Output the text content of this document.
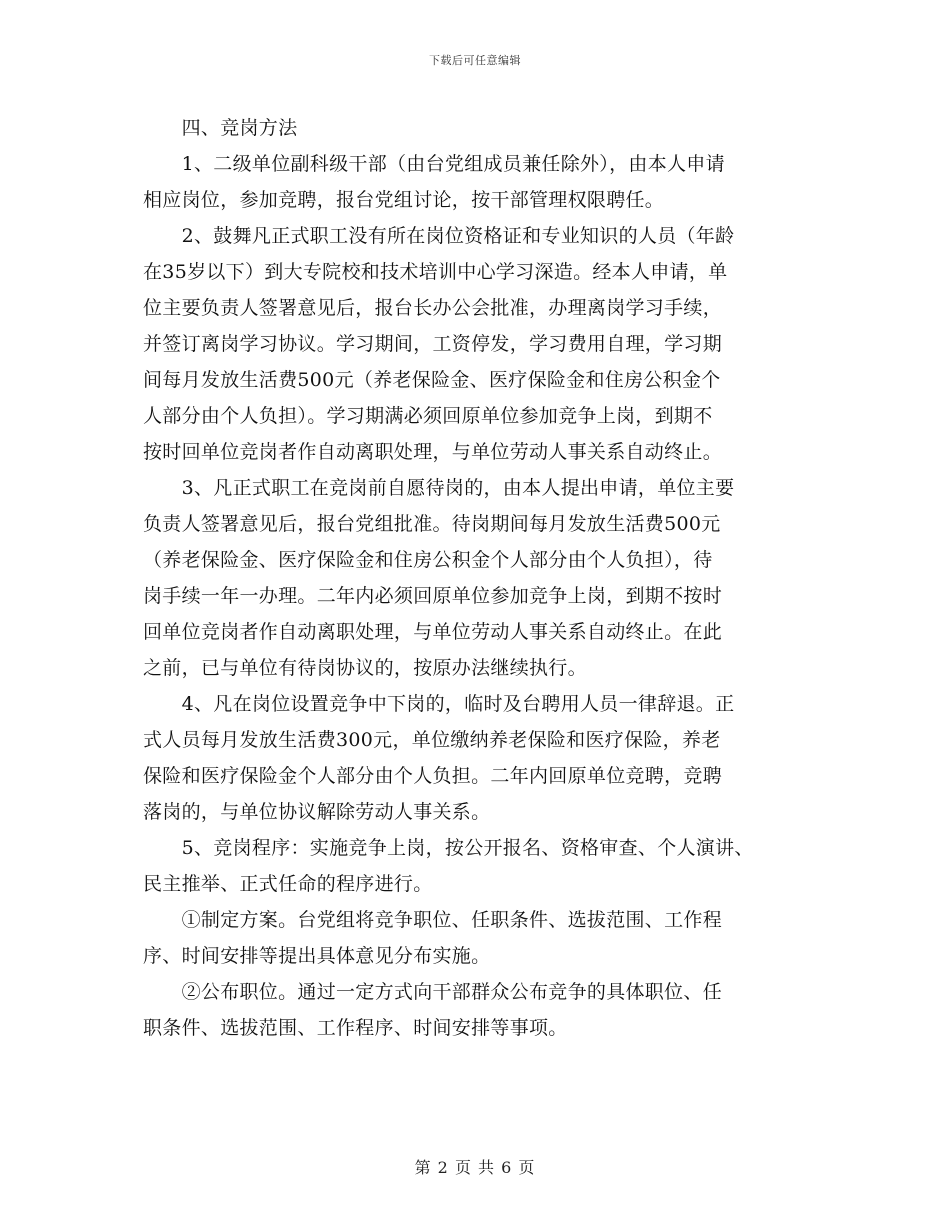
下载后可任意编辑
　　四、竞岗方法
　　1、二级单位副科级干部（由台党组成员兼任除外），由本人申请
相应岗位，参加竞聘，报台党组讨论，按干部管理权限聘任。
　　2、鼓舞凡正式职工没有所在岗位资格证和专业知识的人员（年龄
在35岁以下）到大专院校和技术培训中心学习深造。经本人申请，单
位主要负责人签署意见后，报台长办公会批准，办理离岗学习手续，
并签订离岗学习协议。学习期间，工资停发，学习费用自理，学习期
间每月发放生活费500元（养老保险金、医疗保险金和住房公积金个
人部分由个人负担）。学习期满必须回原单位参加竞争上岗，到期不
按时回单位竞岗者作自动离职处理，与单位劳动人事关系自动终止。
　　3、凡正式职工在竞岗前自愿待岗的，由本人提出申请，单位主要
负责人签署意见后，报台党组批准。待岗期间每月发放生活费500元
（养老保险金、医疗保险金和住房公积金个人部分由个人负担），待
岗手续一年一办理。二年内必须回原单位参加竞争上岗，到期不按时
回单位竞岗者作自动离职处理，与单位劳动人事关系自动终止。在此
之前，已与单位有待岗协议的，按原办法继续执行。
　　4、凡在岗位设置竞争中下岗的，临时及台聘用人员一律辞退。正
式人员每月发放生活费300元，单位缴纳养老保险和医疗保险，养老
保险和医疗保险金个人部分由个人负担。二年内回原单位竞聘，竞聘
落岗的，与单位协议解除劳动人事关系。
　　5、竞岗程序：实施竞争上岗，按公开报名、资格审查、个人演讲、
民主推举、正式任命的程序进行。
　　①制定方案。台党组将竞争职位、任职条件、选拔范围、工作程
序、时间安排等提出具体意见分布实施。
　　②公布职位。通过一定方式向干部群众公布竞争的具体职位、任
职条件、选拔范围、工作程序、时间安排等事项。
第 2 页 共 6 页
